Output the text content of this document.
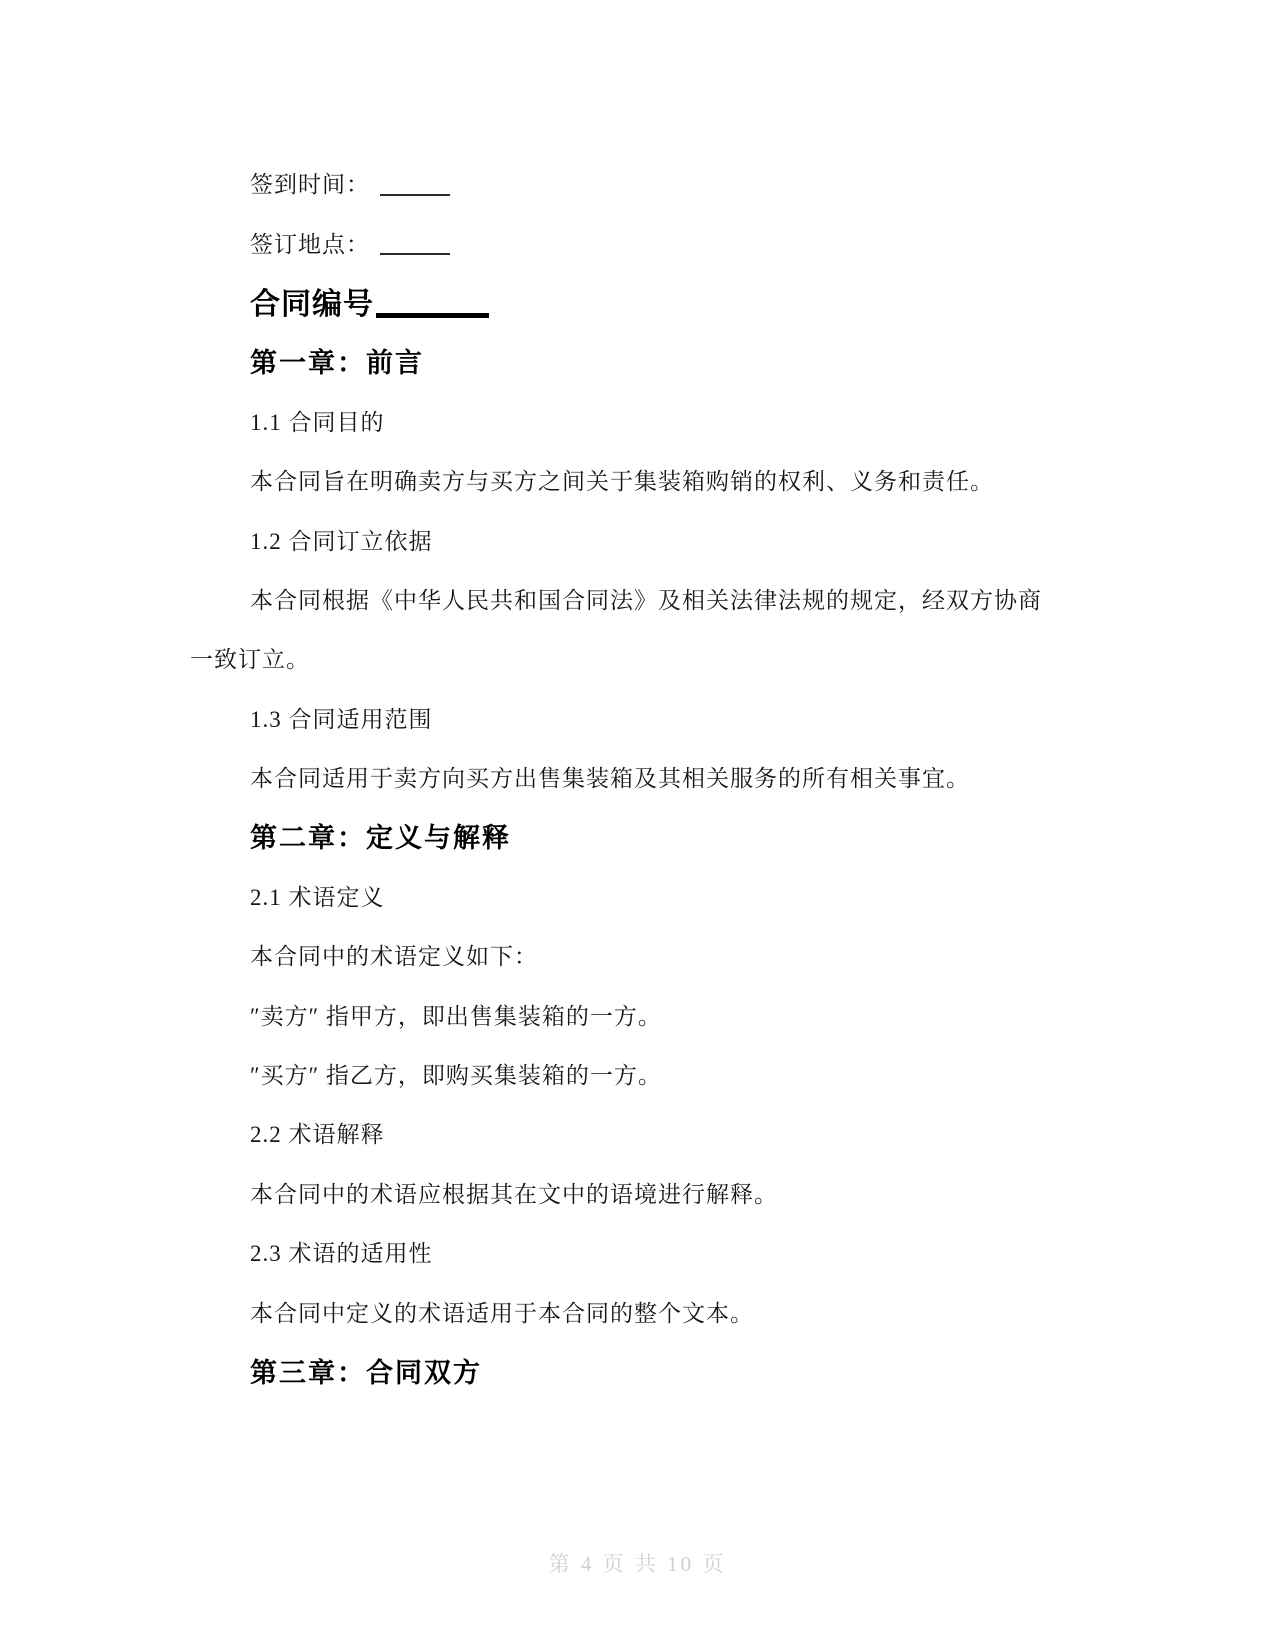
签到时间：
签订地点：
合同编号
第一章：前言
1.1 合同目的
本合同旨在明确卖方与买方之间关于集装箱购销的权利、义务和责任。
1.2 合同订立依据
本合同根据《中华人民共和国合同法》及相关法律法规的规定，经双方协商
一致订立。
1.3 合同适用范围
本合同适用于卖方向买方出售集装箱及其相关服务的所有相关事宜。
第二章：定义与解释
2.1 术语定义
本合同中的术语定义如下：
″卖方″ 指甲方，即出售集装箱的一方。
″买方″ 指乙方，即购买集装箱的一方。
2.2 术语解释
本合同中的术语应根据其在文中的语境进行解释。
2.3 术语的适用性
本合同中定义的术语适用于本合同的整个文本。
第三章：合同双方
第 4 页 共 10 页
